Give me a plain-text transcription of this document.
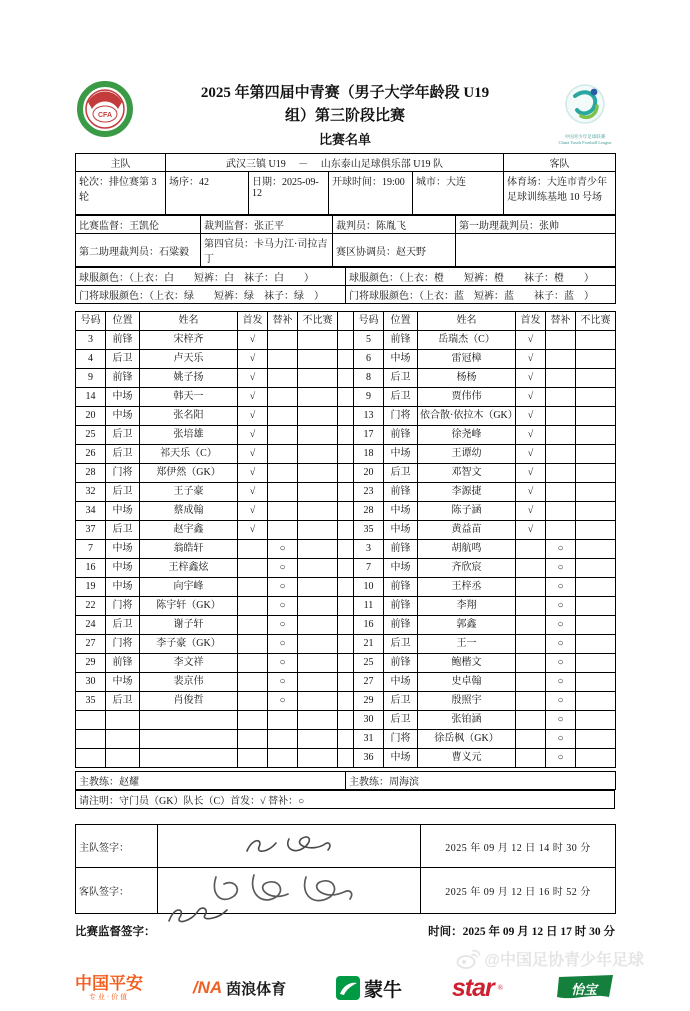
CFA
2025 年第四届中青赛（男子大学年龄段 U19
组）第三阶段比赛
比赛名单	中国青少年足球联赛
China Youth Football League
主队	武汉三镇 U19 　－　 山东泰山足球俱乐部 U19 队				客队
轮次：排位赛第 3 轮	场序：42	日期：2025-09-12	开球时间：19:00	城市：大连	体育场：大连市青少年足球训练基地 10 号场
比赛监督：王凯伦	裁判监督：张正平	裁判员：陈胤飞	第一助理裁判员：张帅
第二助理裁判员：石粱毅	第四官员：卡马力江·司拉吉丁	赛区协调员：赵天野	
球服颜色：（上衣：白　　短裤：白　袜子：白　　）	球服颜色：（上衣：橙　　短裤：橙　　袜子：橙　　）
门将球服颜色：（上衣：绿　　短裤：绿　袜子：绿　）	门将球服颜色：（上衣：蓝　短裤：蓝　　袜子：蓝　）
号码	位置	姓名	首发	替补	不比赛		号码	位置	姓名	首发	替补	不比赛
3	前锋	宋梓齐	√				5	前锋	岳瑞杰（C）	√		
4	后卫	卢天乐	√				6	中场	雷冠樟	√		
9	前锋	姚子扬	√				8	后卫	杨杨	√		
14	中场	韩天一	√				9	后卫	贾伟伟	√		
20	中场	张名阳	√				13	门将	依合散·依拉木（GK）	√		
25	后卫	张培雄	√				17	前锋	徐尧峰	√		
26	后卫	祁天乐（C）	√				18	中场	王谭幼	√		
28	门将	郑伊然（GK）	√				20	后卫	邓智文	√		
32	后卫	王子豪	√				23	前锋	李源捷	√		
34	中场	蔡成翰	√				28	中场	陈子涵	√		
37	后卫	赵宇鑫	√				35	中场	黄益苗	√		
7	中场	翁皓轩		○			3	前锋	胡航鸣		○	
16	中场	王梓鑫炫		○			7	中场	齐欣宸		○	
19	中场	向宇峰		○			10	前锋	王梓丞		○	
22	门将	陈宇轩（GK）		○			11	前锋	李翔		○	
24	后卫	谢子轩		○			16	前锋	郭鑫		○	
27	门将	李子豪（GK）		○			21	后卫	王一		○	
29	前锋	李文祥		○			25	前锋	鲍楷文		○	
30	中场	裴京伟		○			27	中场	史卓翰		○	
35	后卫	肖俊哲		○			29	后卫	殷照宇		○	
							30	后卫	张铂涵		○	
							31	门将	徐岳枫（GK）		○	
							36	中场	曹义元		○	
主教练：赵耀	主教练：周海滨
请注明：守门员（GK）队长（C）首发：√ 替补：○
主队签字：		2025 年 09 月 12 日 14 时 30 分
客队签字：		2025 年 09 月 12 日 16 时 52 分
比赛监督签字：	时间：2025 年 09 月 12 日 17 时 30 分
中国平安
专业·价值	/NA 茵浪体育	蒙牛 star ®	怡宝
@中国足协青少年足球
